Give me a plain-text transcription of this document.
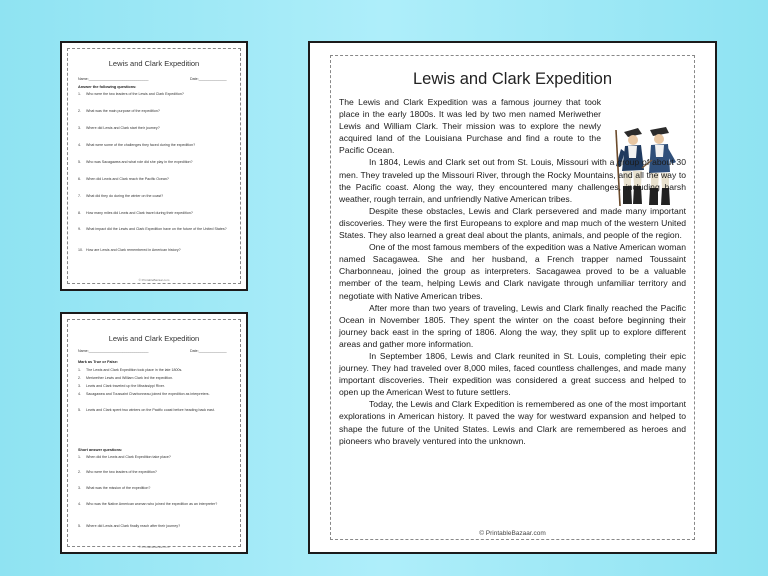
Lewis and Clark Expedition
Name:______________________________	Date:______________
Answer the following questions:
1. Who were the two leaders of the Lewis and Clark Expedition?
2. What was the main purpose of the expedition?
3. Where did Lewis and Clark start their journey?
4. What were some of the challenges they faced during the expedition?
5. Who was Sacagawea and what role did she play in the expedition?
6. When did Lewis and Clark reach the Pacific Ocean?
7. What did they do during the winter on the coast?
8. How many miles did Lewis and Clark travel during their expedition?
9. What impact did the Lewis and Clark Expedition have on the future of the United States?
10. How are Lewis and Clark remembered in American history?
© PrintableBazaar.com
Lewis and Clark Expedition
Name:______________________________	Date:______________
Mark as True or False:
1. The Lewis and Clark Expedition took place in the late 1800s.
2. Meriwether Lewis and William Clark led the expedition.
3. Lewis and Clark traveled up the Mississippi River.
4. Sacagawea and Toussaint Charbonneau joined the expedition as interpreters.
5. Lewis and Clark spent two winters on the Pacific coast before heading back east.
Short answer questions:
1. When did the Lewis and Clark Expedition take place?
2. Who were the two leaders of the expedition?
3. What was the mission of the expedition?
4. Who was the Native American woman who joined the expedition as an interpreter?
5. Where did Lewis and Clark finally reach after their journey?
© PrintableBazaar.com
Lewis and Clark Expedition

The Lewis and Clark Expedition was a famous journey that took place in the early 1800s. It was led by two men named Meriwether Lewis and William Clark. Their mission was to explore the newly acquired land of the Louisiana Purchase and find a route to the Pacific Ocean.

In 1804, Lewis and Clark set out from St. Louis, Missouri with a group of about 30 men. They traveled up the Missouri River, through the Rocky Mountains, and all the way to the Pacific coast. Along the way, they encountered many challenges, including harsh weather, rough terrain, and unfriendly Native American tribes.

Despite these obstacles, Lewis and Clark persevered and made many important discoveries. They were the first Europeans to explore and map much of the western United States. They also learned a great deal about the plants, animals, and people of the region.

One of the most famous members of the expedition was a Native American woman named Sacagawea. She and her husband, a French trapper named Toussaint Charbonneau, joined the group as interpreters. Sacagawea proved to be a valuable member of the team, helping Lewis and Clark navigate through unfamiliar territory and negotiate with Native American tribes.

After more than two years of traveling, Lewis and Clark finally reached the Pacific Ocean in November 1805. They spent the winter on the coast before beginning their journey back east in the spring of 1806. Along the way, they split up to explore different areas and gather more information.

In September 1806, Lewis and Clark reunited in St. Louis, completing their epic journey. They had traveled over 8,000 miles, faced countless challenges, and made many important discoveries. Their expedition was considered a great success and helped to open up the American West to future settlers.

Today, the Lewis and Clark Expedition is remembered as one of the most important explorations in American history. It paved the way for westward expansion and helped to shape the future of the United States. Lewis and Clark are remembered as heroes and pioneers who bravely ventured into the unknown.

© PrintableBazaar.com
